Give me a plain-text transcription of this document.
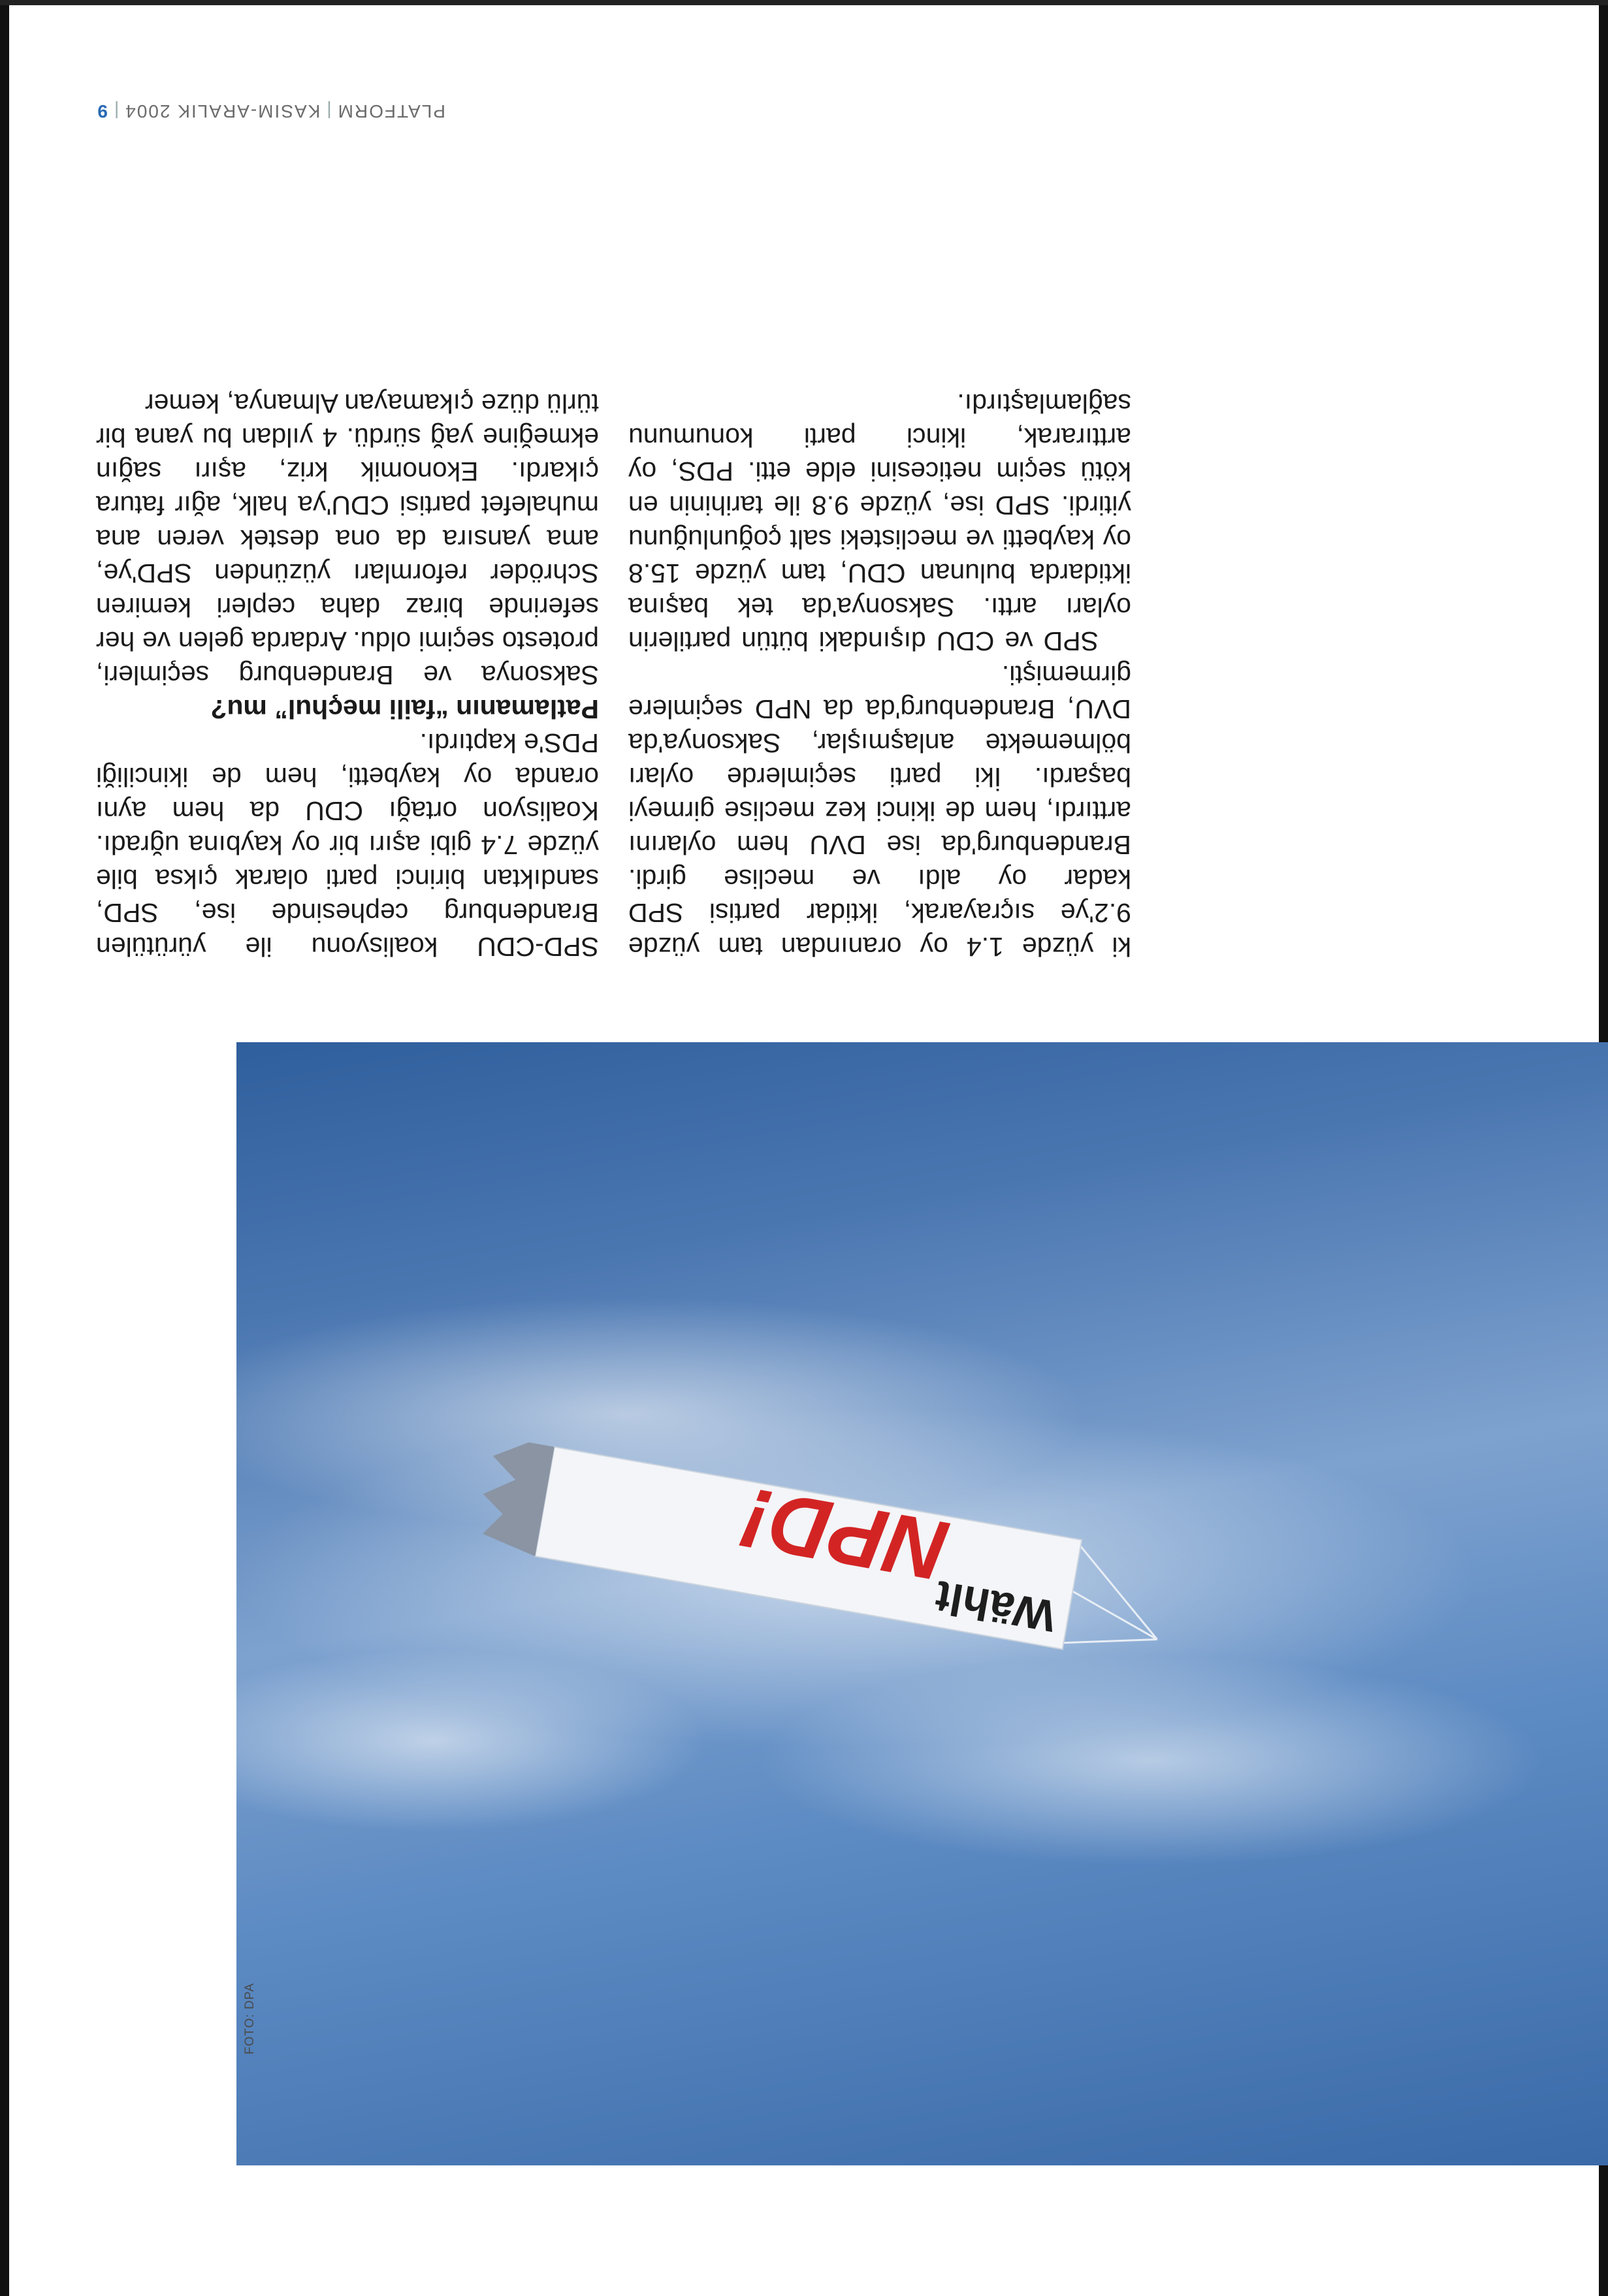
Wählt
NPD!
FOTO: DPA

ki yüzde 1.4 oy oranından tam yüzde 9.2'ye sıçrayarak, iktidar partisi SPD kadar oy aldı ve meclise girdi. Brandenburg'da ise DVU hem oylarını arttırdı, hem de ikinci kez meclise girmeyi başardı. İki parti seçimlerde oyları bölmemekte anlaşmışlar, Saksonya'da DVU, Brandenburg'da da NPD seçimlere girmemişti.

SPD ve CDU dışındaki bütün partilerin oyları arttı. Saksonya'da tek başına iktidarda bulunan CDU, tam yüzde 15.8 oy kaybetti ve meclisteki salt çoğunluğunu yitirdi. SPD ise, yüzde 9.8 ile tarihinin en kötü seçim neticesini elde etti. PDS, oy arttırarak, ikinci parti konumunu sağlamlaştırdı.

SPD-CDU koalisyonu ile yürütülen Brandenburg cephesinde ise, SPD, sandıktan birinci parti olarak çıksa bile yüzde 7.4 gibi aşırı bir oy kaybına uğradı. Koalisyon ortağı CDU da hem aynı oranda oy kaybetti, hem de ikinciliği PDS'e kaptırdı.

Patlamanın “faili meçhul” mu?

Saksonya ve Brandenburg seçimleri, protesto seçimi oldu. Ardarda gelen ve her seferinde biraz daha cepleri kemiren Schröder reformları yüzünden SPD'ye, ama yansıra da ona destek veren ana muhalefet partisi CDU'ya halk, ağır fatura çıkardı. Ekonomik kriz, aşırı sağın ekmeğine yağ sürdü. 4 yıldan bu yana bir türlü düze çıkamayan Almanya, kemer

PLATFORM|KASIM-ARALIK 2004|9
